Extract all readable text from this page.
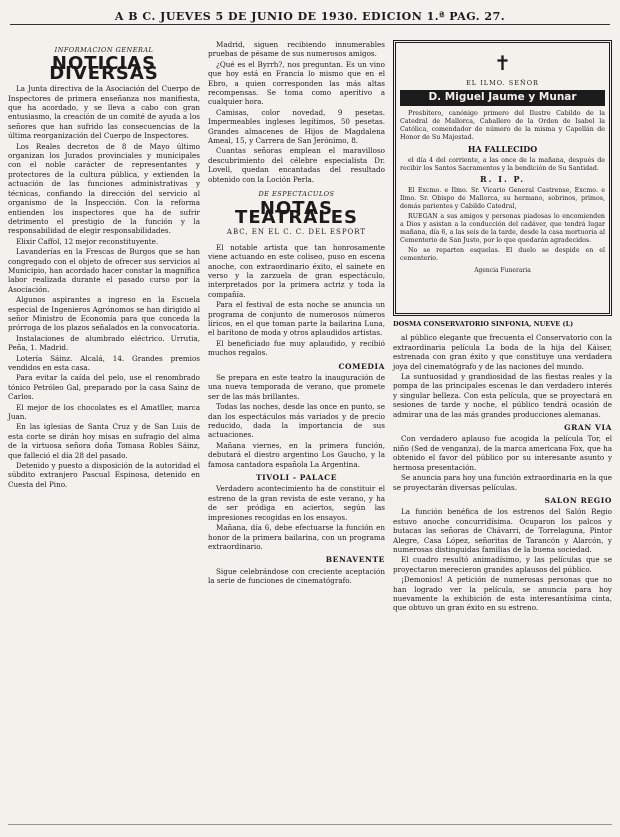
A B C. JUEVES 5 DE JUNIO DE 1930. EDICION 1.ª PAG. 27.
INFORMACION GENERAL
NOTICIAS DIVERSAS

La Junta directiva de la Asociación del Cuerpo de Inspectores de primera enseñanza nos manifiesta, que ha acordado, y se lleva a cabo con gran entusiasmo, la creación de un comité de ayuda a los señores que han sufrido las consecuencias de la última reorganización del Cuerpo de Inspectores.

Los Reales decretos de 8 de Mayo último organizan los Jurados provinciales y municipales con el noble carácter de representantes y protectores de la cultura pública, y extienden la actuación de las funciones administrativas y técnicas, confiando la dirección del servicio al organismo de la Inspección. Con la reforma entienden los inspectores que ha de sufrir detrimento el prestigio de la función y la responsabilidad de elegir responsabilidades.

Elixir Caffol, 12 mejor reconstituyente.

Lavanderías en la Frescas de Burgos que se han congregado con el objeto de ofrecer sus servicios al Municipio, han acordado hacer constar la magnífica labor realizada durante el pasado curso por la Asociación.

Algunos aspirantes a ingreso en la Escuela especial de Ingenieros Agrónomos se han dirigido al señor Ministro de Economía para que conceda la prórroga de los plazos señalados en la convocatoria.

Instalaciones de alumbrado eléctrico. Urrutia, Peña, 1. Madrid.

Lotería Sáinz. Alcalá, 14. Grandes premios vendidos en esta casa.

Para evitar la caída del pelo, use el renombrado tónico Petróleo Gal, preparado por la casa Sainz de Carlos.

El mejor de los chocolates es el Amatller, marca Juan.

En las iglesias de Santa Cruz y de San Luis de esta corte se dirán hoy misas en sufragio del alma de la virtuosa señora doña Tomasa Robles Sáinz, que falleció el día 28 del pasado.

Detenido y puesto a disposición de la autoridad el súbdito extranjero Pascual Espinosa, detenido en Cuesta del Pino.

Madrid, siguen recibiendo innumerables pruebas de pésame de sus numerosos amigos.

¿Qué es el Byrrh?, nos preguntan. Es un vino que hoy está en Francia lo mismo que en el Ebro, a quien corresponden las más altas recompensas. Se toma como aperitivo a cualquier hora.

Camisas, color novedad, 9 pesetas. Impermeables ingleses legítimos, 50 pesetas. Grandes almacenes de Hijos de Magdalena Ameal, 15, y Carrera de San Jerónimo, 8.

Cuantas señoras emplean el maravilloso descubrimiento del célebre especialista Dr. Lovell, quedan encantadas del resultado obtenido con la Loción Perla.

DE ESPECTACULOS
NOTAS TEATRALES
ABC, EN EL C. C. DEL ESPORT

El notable artista que tan honrosamente viene actuando en este coliseo, puso en escena anoche, con extraordinario éxito, el sainete en verso y la zarzuela de gran espectáculo, interpretados por la primera actriz y toda la compañía.

Para el festival de esta noche se anuncia un programa de conjunto de numerosos números líricos, en el que toman parte la bailarina Luna, el barítono de moda y otros aplaudidos artistas.

El beneficiado fue muy aplaudido, y recibió muchos regalos.

COMEDIA

Se prepara en este teatro la inauguración de una nueva temporada de verano, que promete ser de las más brillantes.

Todas las noches, desde las once en punto, se dan los espectáculos más variados y de precio reducido, dada la importancia de sus actuaciones.

Mañana viernes, en la primera función, debutará el diestro argentino Los Gaucho, y la famosa cantadora española La Argentina.

TIVOLI - PALACE

Verdadero acontecimiento ha de constituir el estreno de la gran revista de este verano, y ha de ser pródiga en aciertos, según las impresiones recogidas en los ensayos.

Mañana, día 6, debe efectuarse la función en honor de la primera bailarina, con un programa extraordinario.

BENAVENTE

Sigue celebrándose con creciente aceptación la serie de funciones de cinematógrafo.

✝
EL ILMO. SEÑOR
D. Miguel Jaume y Munar

Presbítero, canónigo primero del Ilustre Cabildo de la Catedral de Mallorca, Caballero de la Orden de Isabel la Católica, comendador de número de la misma y Capellán de Honor de Su Majestad.

HA FALLECIDO

el día 4 del corriente, a las once de la mañana, después de recibir los Santos Sacramentos y la bendición de Su Santidad.

R. I. P.

El Excmo. e Ilmo. Sr. Vicario General Castrense, Excmo. e Ilmo. Sr. Obispo de Mallorca, su hermano, sobrinos, primos, demás parientes y Cabildo Catedral,

RUEGAN a sus amigos y personas piadosas lo encomienden a Dios y asistan a la conducción del cadáver, que tendrá lugar mañana, día 6, a las seis de la tarde, desde la casa mortuoria al Cementerio de San Justo, por lo que quedarán agradecidos.

No se reparten esquelas. El duelo se despide en el cementerio.

Agencia Funeraria
DOSMA CONSERVATORIO SINFONIA, NUEVE (L)

al público elegante que frecuenta el Conservatorio con la extraordinaria película La boda de la hija del Káiser, estrenada con gran éxito y que constituye una verdadera joya del cinematógrafo y de las naciones del mundo.

La suntuosidad y grandiosidad de las fiestas reales y la pompa de las principales escenas le dan verdadero interés y singular belleza. Con esta película, que se proyectará en sesiones de tarde y noche, el público tendrá ocasión de admirar una de las más grandes producciones alemanas.

GRAN VIA

Con verdadero aplauso fue acogida la película Tor, el niño (Sed de venganza), de la marca americana Fox, que ha obtenido el favor del público por su interesante asunto y hermosa presentación.

Se anuncia para hoy una función extraordinaria en la que se proyectarán diversas películas.

SALON REGIO

La función benéfica de los estrenos del Salón Regio estuvo anoche concurridísima. Ocuparon los palcos y butacas las señoras de Chávarri, de Torrelaguna, Pintor Alegre, Casa López, señoritas de Tarancón y Alarcón, y numerosas distinguidas familias de la buena sociedad.

El cuadro resultó animadísimo, y las películas que se proyectaron merecieron grandes aplausos del público.

¡Demonios! A petición de numerosas personas que no han logrado ver la película, se anuncia para hoy nuevamente la exhibición de esta interesantísima cinta, que obtuvo un gran éxito en su estreno.
